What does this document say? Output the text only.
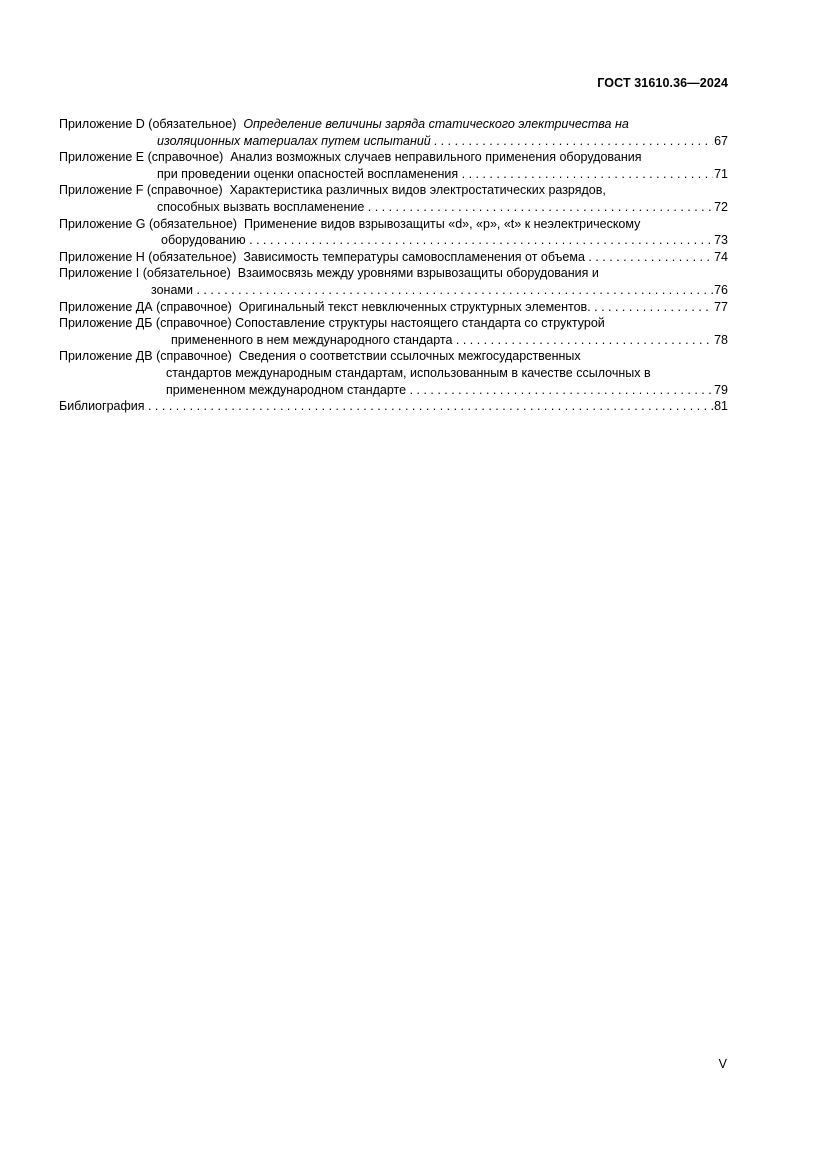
ГОСТ 31610.36—2024
Приложение D (обязательное)
Определение величины заряда статического электричества на
изоляционных материалах путем испытаний . . .	67
Приложение E (справочное)
Анализ возможных случаев неправильного применения оборудования
при проведении оценки опасностей воспламенения . . .	71
Приложение F (справочное)
Характеристика различных видов электростатических разрядов,
способных вызвать воспламенение . . .	72
Приложение G (обязательное)
Применение видов взрывозащиты «d», «p», «t» к неэлектрическому
оборудованию . . .	73
Приложение H (обязательное) Зависимость температуры самовоспламенения от объема . . .	74
Приложение I (обязательное)
Взаимосвязь между уровнями взрывозащиты оборудования и
зонами . . .	76
Приложение ДА (справочное) Оригинальный текст невключенных структурных элементов. . . .	77
Приложение ДБ (справочное)
Сопоставление структуры настоящего стандарта со структурой
примененного в нем международного стандарта . . .	78
Приложение ДВ (справочное)
Сведения о соответствии ссылочных межгосударственных
стандартов международным стандартам, использованным в качестве ссылочных в
примененном международном стандарте . . .	79
Библиография . . .	81
V
